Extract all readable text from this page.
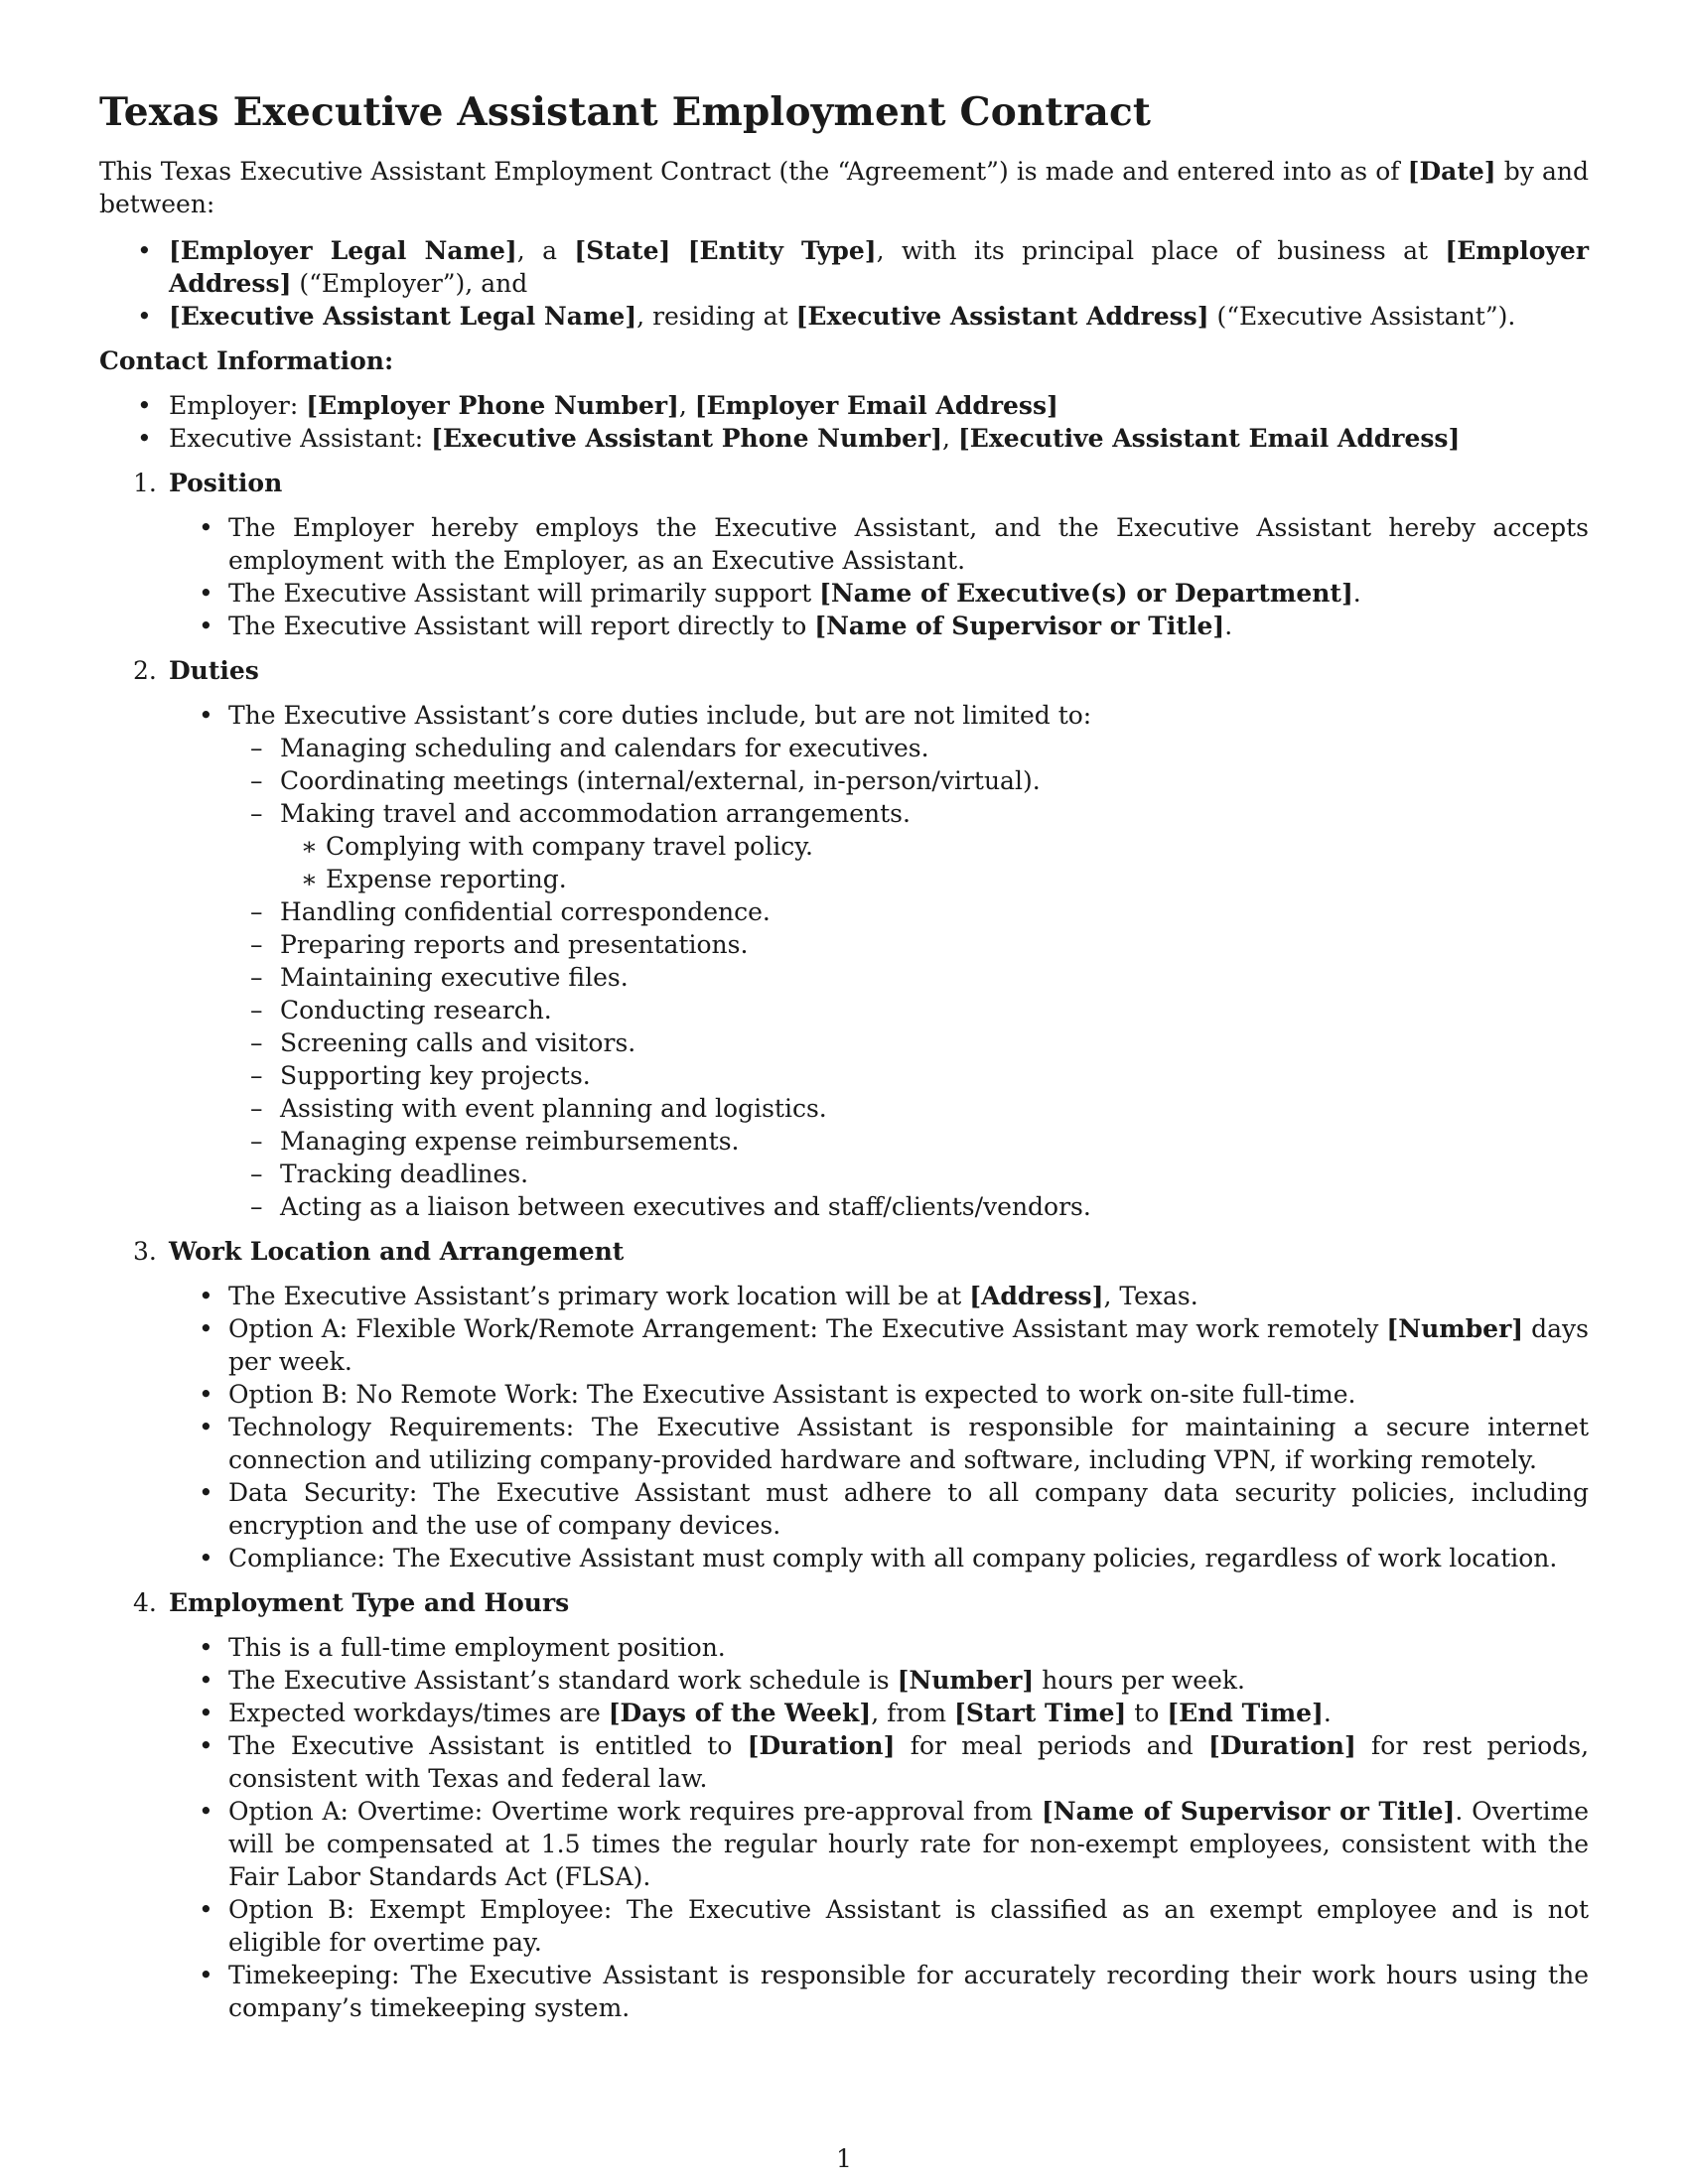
Texas Executive Assistant Employment Contract

This Texas Executive Assistant Employment Contract (the “Agreement”) is made and entered into as of [Date] by and between:

• [Employer Legal Name], a [State] [Entity Type], with its principal place of business at [Employer Address] (“Employer”), and
• [Executive Assistant Legal Name], residing at [Executive Assistant Address] (“Executive Assistant”).
Contact Information:
• Employer: [Employer Phone Number], [Employer Email Address]
• Executive Assistant: [Executive Assistant Phone Number], [Executive Assistant Email Address]
1. Position
• The Employer hereby employs the Executive Assistant, and the Executive Assistant hereby accepts employment with the Employer, as an Executive Assistant.
• The Executive Assistant will primarily support [Name of Executive(s) or Department].
• The Executive Assistant will report directly to [Name of Supervisor or Title].
2. Duties
• The Executive Assistant’s core duties include, but are not limited to:
– Managing scheduling and calendars for executives.
– Coordinating meetings (internal/external, in-person/virtual).
– Making travel and accommodation arrangements.
∗ Complying with company travel policy.
∗ Expense reporting.
– Handling confidential correspondence.
– Preparing reports and presentations.
– Maintaining executive files.
– Conducting research.
– Screening calls and visitors.
– Supporting key projects.
– Assisting with event planning and logistics.
– Managing expense reimbursements.
– Tracking deadlines.
– Acting as a liaison between executives and staff/clients/vendors.
3. Work Location and Arrangement
• The Executive Assistant’s primary work location will be at [Address], Texas.
• Option A: Flexible Work/Remote Arrangement: The Executive Assistant may work remotely [Number] days per week.
• Option B: No Remote Work: The Executive Assistant is expected to work on-site full-time.
• Technology Requirements: The Executive Assistant is responsible for maintaining a secure internet connection and utilizing company-provided hardware and software, including VPN, if working remotely.
• Data Security: The Executive Assistant must adhere to all company data security policies, including encryption and the use of company devices.
• Compliance: The Executive Assistant must comply with all company policies, regardless of work location.
4. Employment Type and Hours
• This is a full-time employment position.
• The Executive Assistant’s standard work schedule is [Number] hours per week.
• Expected workdays/times are [Days of the Week], from [Start Time] to [End Time].
• The Executive Assistant is entitled to [Duration] for meal periods and [Duration] for rest periods, consistent with Texas and federal law.
• Option A: Overtime: Overtime work requires pre-approval from [Name of Supervisor or Title]. Overtime will be compensated at 1.5 times the regular hourly rate for non-exempt employees, consistent with the Fair Labor Standards Act (FLSA).
• Option B: Exempt Employee: The Executive Assistant is classified as an exempt employee and is not eligible for overtime pay.
• Timekeeping: The Executive Assistant is responsible for accurately recording their work hours using the company’s timekeeping system.
1
